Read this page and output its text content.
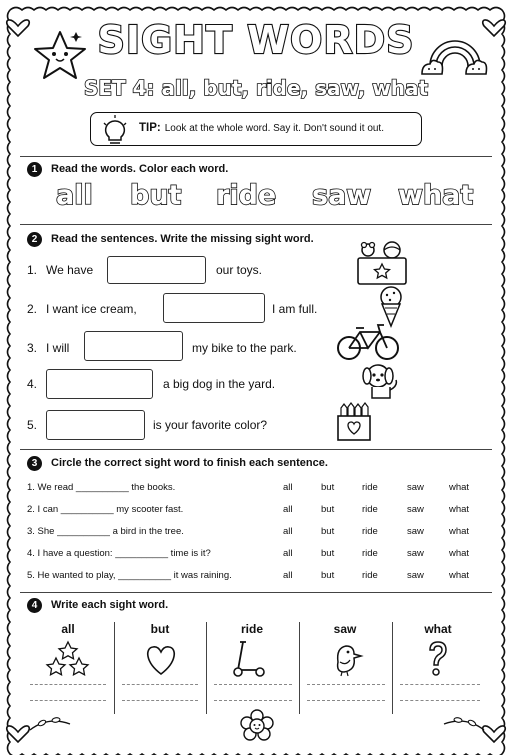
SIGHT WORDS
SET 4: all, but, ride, saw, what
TIP: Look at the whole word. Say it. Don't sound it out.
1	Read the words. Color each word.
all but ride saw what
2	Read the sentences. Write the missing sight word.
1. We have	our toys.
2. I want ice cream,	I am full.
3. I will	my bike to the park.
4.	a big dog in the yard.
5.	is your favorite color?
3	Circle the correct sight word to finish each sentence.
1. We read __________ the books.	all	but	ride	saw	what
2. I can __________ my scooter fast.	all	but	ride	saw	what
3. She __________ a bird in the tree.	all	but	ride	saw	what
4. I have a question: __________ time is it?	all	but	ride	saw	what
5. He wanted to play, __________ it was raining.	all	but	ride	saw	what
4	Write each sight word.
all	but	ride	saw	what
